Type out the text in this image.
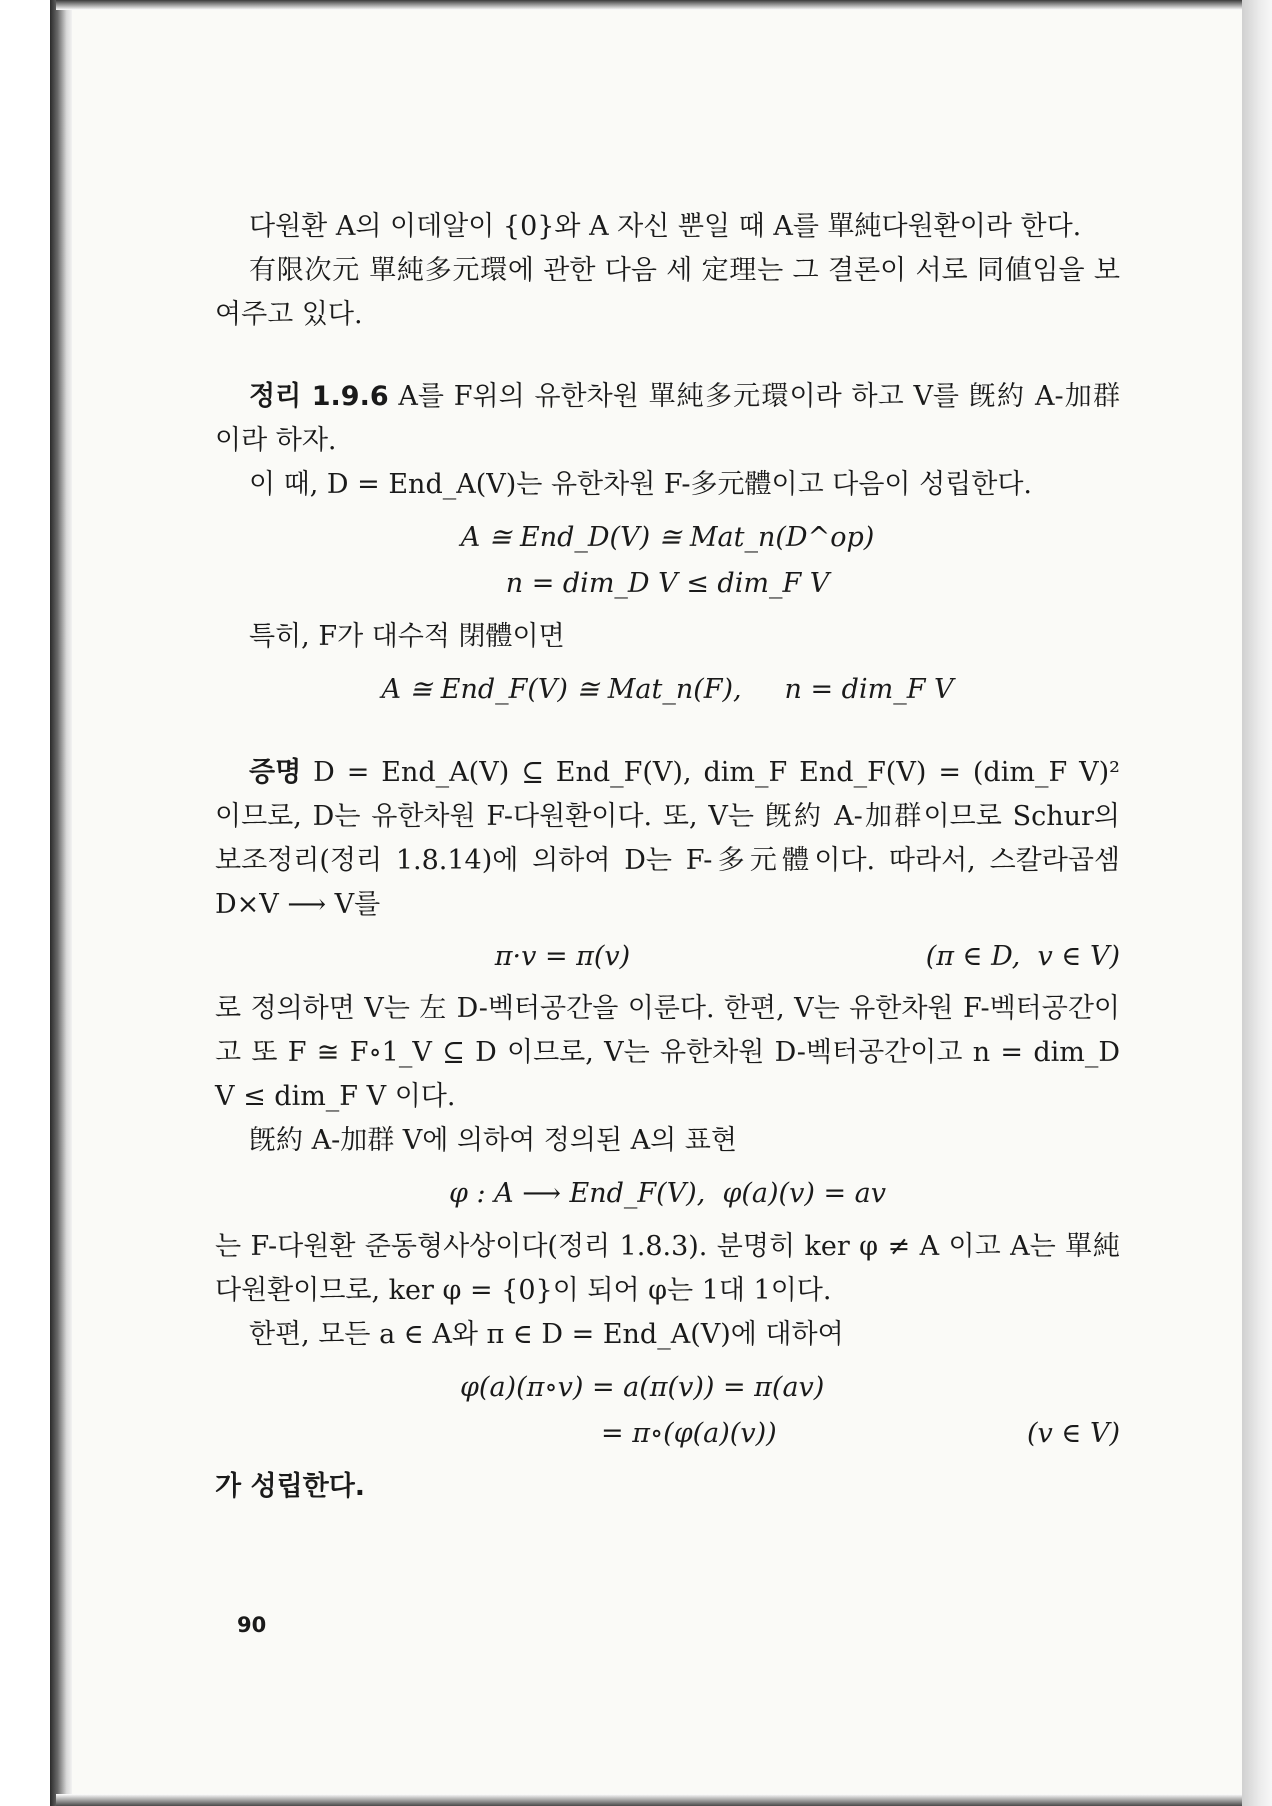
다원환 A의 이데알이 {0}와 A 자신 뿐일 때 A를 單純다원환이라 한다.

有限次元 單純多元環에 관한 다음 세 定理는 그 결론이 서로 同値임을 보여주고 있다.

정리 1.9.6 A를 F위의 유한차원 單純多元環이라 하고 V를 旣約 A-加群이라 하자.

이 때, D = End_A(V)는 유한차원 F-多元體이고 다음이 성립한다.

A ≅ End_D(V) ≅ Mat_n(D^op)
n = dim_D V ≤ dim_F V

특히, F가 대수적 閉體이면

A ≅ End_F(V) ≅ Mat_n(F),     n = dim_F V

증명 D = End_A(V) ⊆ End_F(V), dim_F End_F(V) = (dim_F V)² 이므로, D는 유한차원 F-다원환이다. 또, V는 旣約 A-加群이므로 Schur의 보조정리(정리 1.8.14)에 의하여 D는 F-多元體이다. 따라서, 스칼라곱셈 D×V ⟶ V를

π·v = π(v)	(π ∈ D,  v ∈ V)

로 정의하면 V는 左 D-벡터공간을 이룬다. 한편, V는 유한차원 F-벡터공간이고 또 F ≅ F∘1_V ⊆ D 이므로, V는 유한차원 D-벡터공간이고 n = dim_D V ≤ dim_F V 이다.

旣約 A-加群 V에 의하여 정의된 A의 표현

φ : A ⟶ End_F(V),  φ(a)(v) = av

는 F-다원환 준동형사상이다(정리 1.8.3). 분명히 ker φ ≠ A 이고 A는 單純다원환이므로, ker φ = {0}이 되어 φ는 1대 1이다.

한편, 모든 a ∈ A와 π ∈ D = End_A(V)에 대하여

φ(a)(π∘v) = a(π(v)) = π(av)
= π∘(φ(a)(v))	(v ∈ V)

가 성립한다.

90
